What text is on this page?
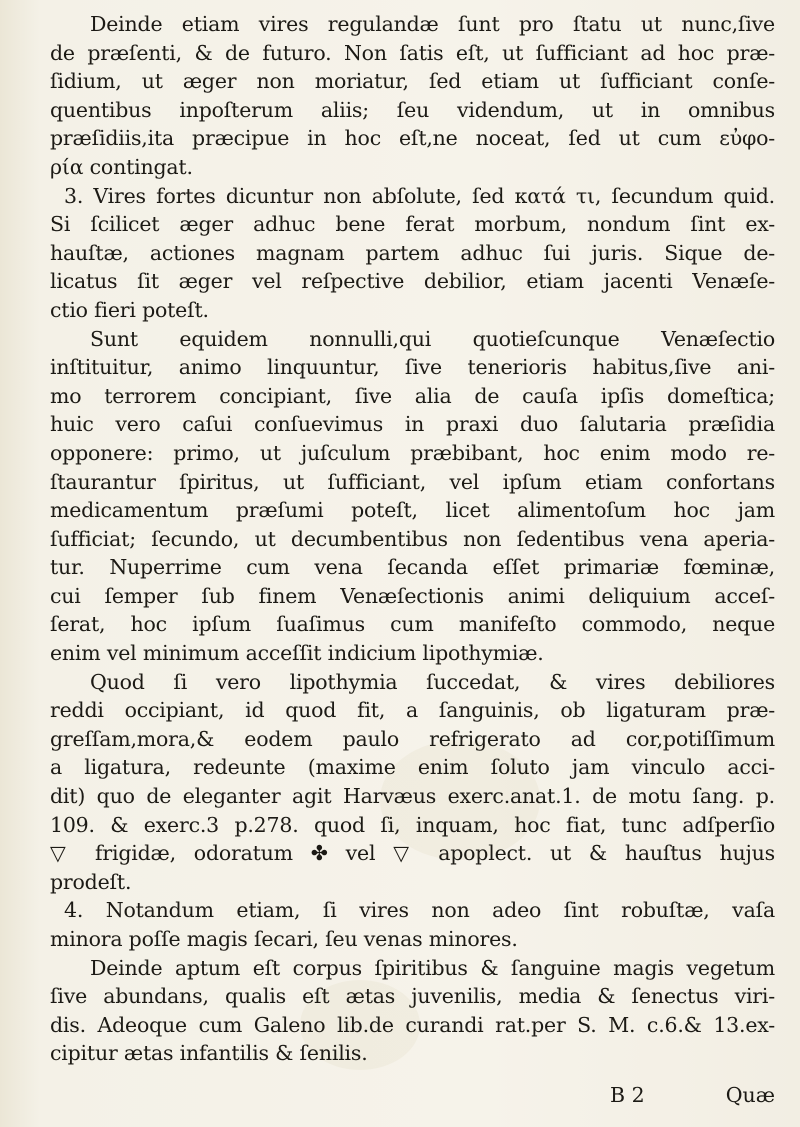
Deinde etiam vires regulandæ ſunt pro ſtatu ut nunc,ſive
de præſenti, & de futuro. Non ſatis eſt, ut ſufficiant ad hoc præ-
ſidium, ut æger non moriatur, ſed etiam ut ſufficiant conſe-
quentibus inpoſterum aliis; ſeu videndum, ut in omnibus
præſidiis,ita præcipue in hoc eſt,ne noceat, ſed ut cum εὐφο-
ρία contingat.
3. Vires fortes dicuntur non abſolute, ſed κατά τι, ſecundum quid.
Si ſcilicet æger adhuc bene ferat morbum, nondum ſint ex-
hauſtæ, actiones magnam partem adhuc ſui juris. Sique de-
licatus ſit æger vel reſpective debilior, etiam jacenti Venæſe-
ctio fieri poteſt.
Sunt equidem nonnulli,qui quotieſcunque Venæſectio
inſtituitur, animo linquuntur, ſive tenerioris habitus,ſive ani-
mo terrorem concipiant, ſive alia de cauſa ipſis domeſtica;
huic vero caſui conſuevimus in praxi duo ſalutaria præſidia
opponere: primo, ut juſculum præbibant, hoc enim modo re-
ſtaurantur ſpiritus, ut ſufficiant, vel ipſum etiam confortans
medicamentum præſumi poteſt, licet alimentoſum hoc jam
ſufficiat; ſecundo, ut decumbentibus non ſedentibus vena aperia-
tur. Nuperrime cum vena ſecanda eſſet primariæ fœminæ,
cui ſemper ſub finem Venæſectionis animi deliquium acceſ-
ſerat, hoc ipſum ſuaſimus cum manifeſto commodo, neque
enim vel minimum acceſſit indicium lipothymiæ.
Quod ſi vero lipothymia ſuccedat, & vires debiliores
reddi occipiant, id quod fit, a ſanguinis, ob ligaturam præ-
greſſam,mora,& eodem paulo refrigerato ad cor,potiſſimum
a ligatura, redeunte (maxime enim ſoluto jam vinculo acci-
dit) quo de eleganter agit Harvæus exerc.anat.1. de motu ſang. p.
109. & exerc.3 p.278. quod ſi, inquam, hoc fiat, tunc adſperſio
▽ frigidæ, odoratum ✤ vel ▽ apoplect. ut & hauſtus hujus
prodeſt.
4. Notandum etiam, ſi vires non adeo ſint robuſtæ, vaſa
minora poſſe magis ſecari, ſeu venas minores.
Deinde aptum eſt corpus ſpiritibus & ſanguine magis vegetum
ſive abundans, qualis eſt ætas juvenilis, media & ſenectus viri-
dis. Adeoque cum Galeno lib.de curandi rat.per S. M. c.6.& 13.ex-
cipitur ætas infantilis & ſenilis.
B 2	Quæ
